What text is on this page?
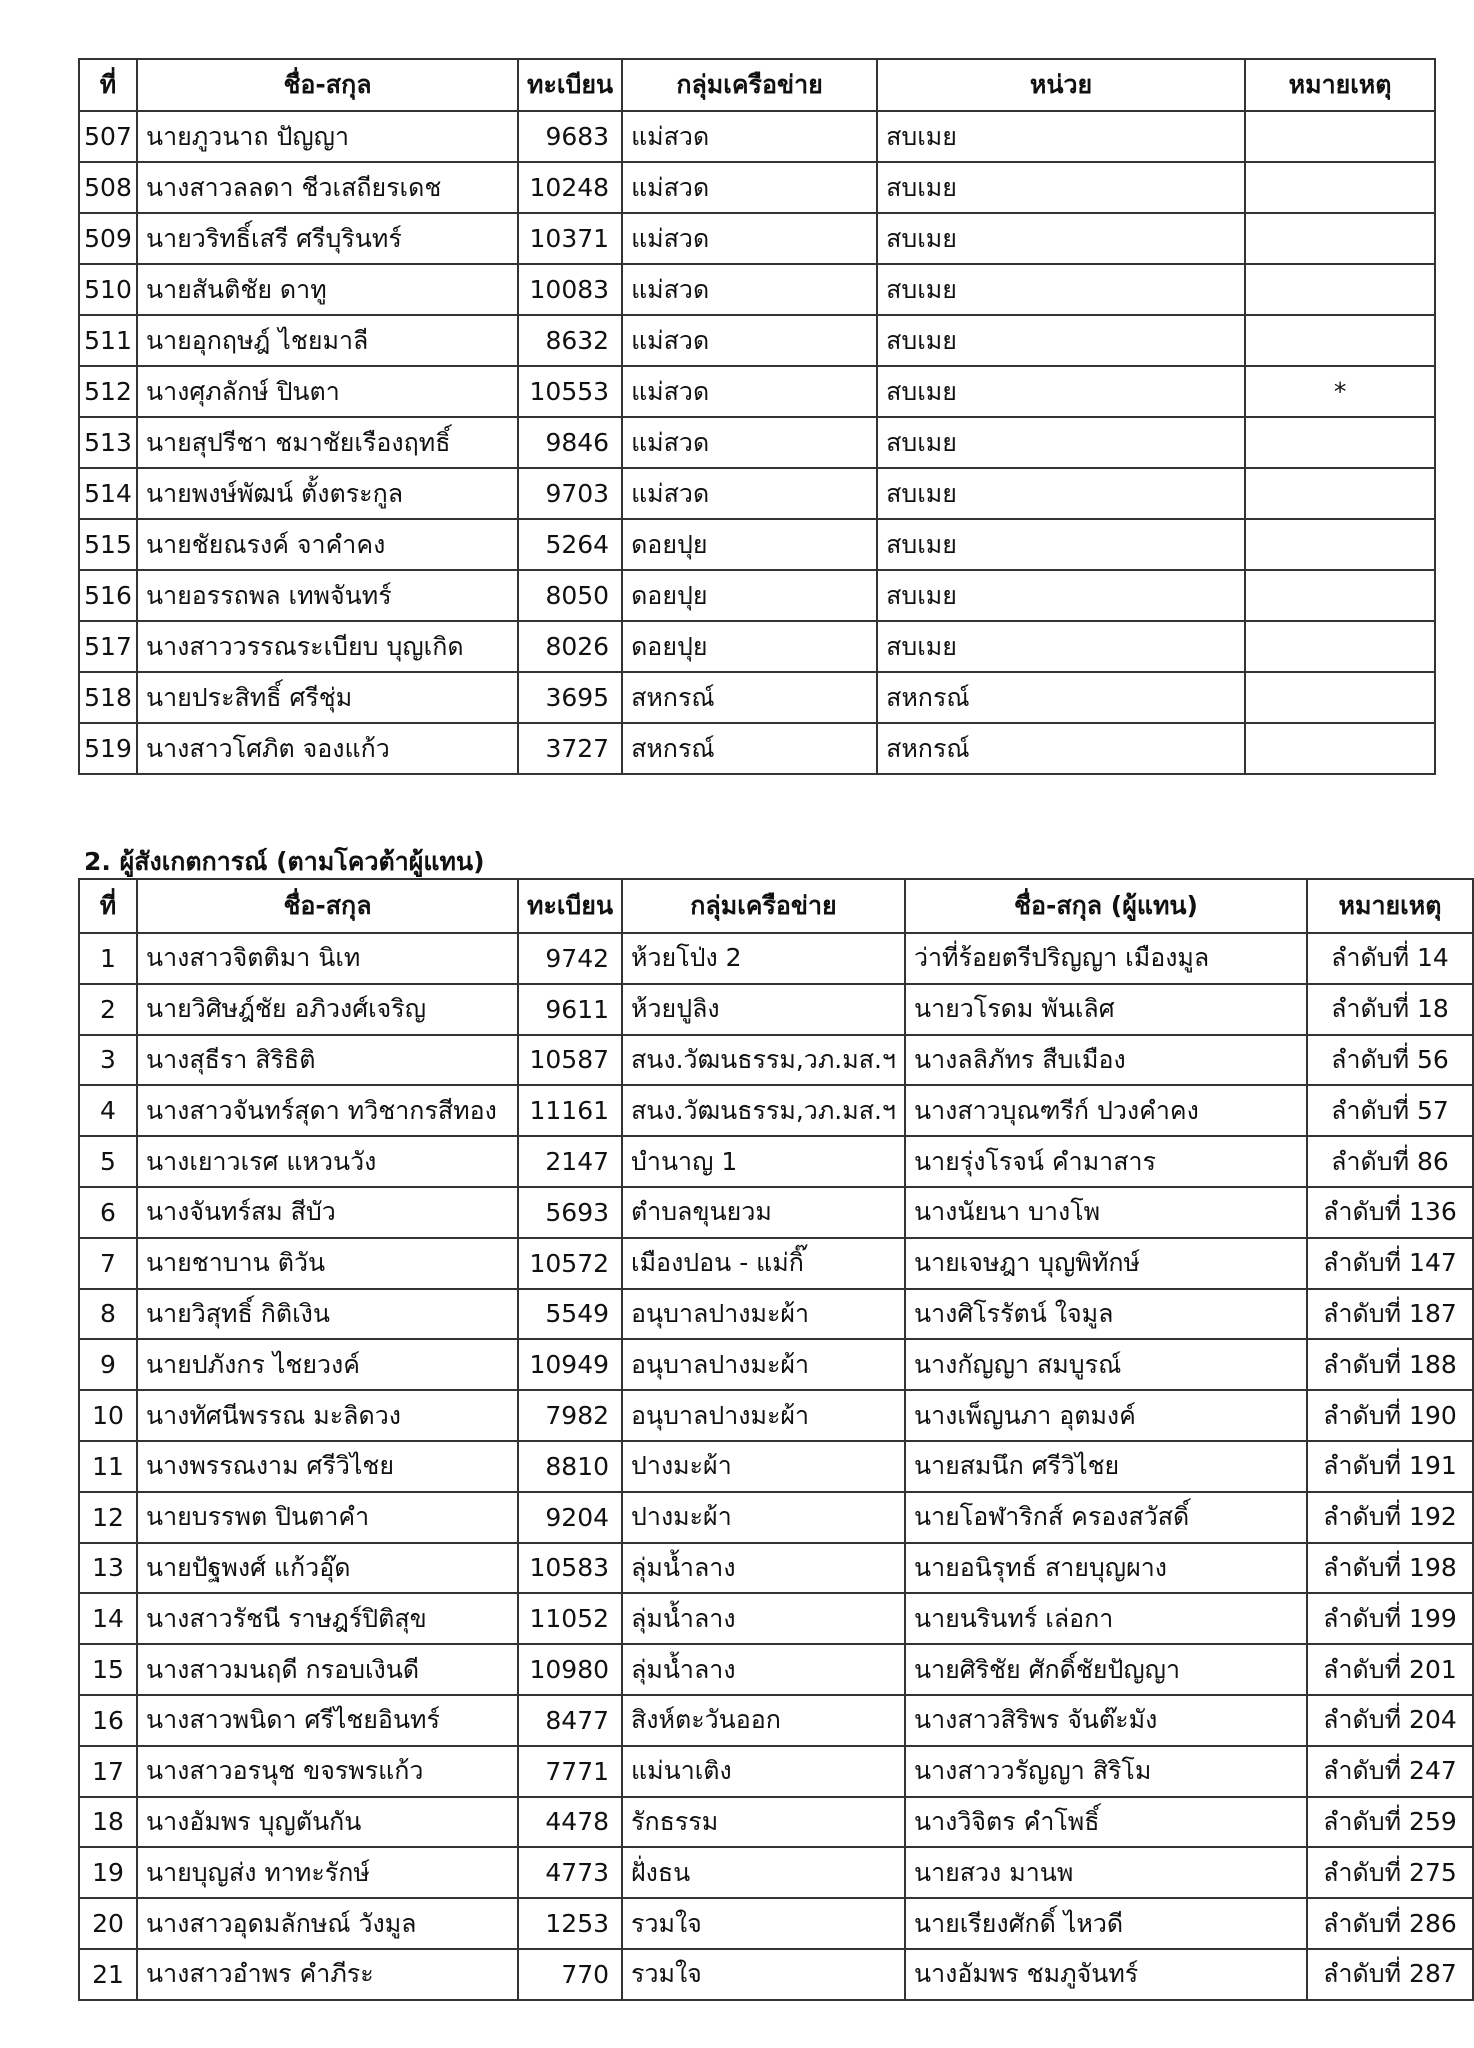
ที่	ชื่อ-สกุล	ทะเบียน	กลุ่มเครือข่าย	หน่วย	หมายเหตุ
507	นายภูวนาถ ปัญญา	9683	แม่สวด	สบเมย	
508	นางสาวลลดา ชีวเสถียรเดช	10248	แม่สวด	สบเมย	
509	นายวริทธิ์เสรี ศรีบุรินทร์	10371	แม่สวด	สบเมย	
510	นายสันติชัย ดาทู	10083	แม่สวด	สบเมย	
511	นายอุกฤษฎ์ ไชยมาลี	8632	แม่สวด	สบเมย	
512	นางศุภลักษ์ ปินตา	10553	แม่สวด	สบเมย	*
513	นายสุปรีชา ชมาชัยเรืองฤทธิ์	9846	แม่สวด	สบเมย	
514	นายพงษ์พัฒน์ ตั้งตระกูล	9703	แม่สวด	สบเมย	
515	นายชัยณรงค์ จาคำคง	5264	ดอยปุย	สบเมย	
516	นายอรรถพล เทพจันทร์	8050	ดอยปุย	สบเมย	
517	นางสาววรรณระเบียบ บุญเกิด	8026	ดอยปุย	สบเมย	
518	นายประสิทธิ์ ศรีชุ่ม	3695	สหกรณ์	สหกรณ์	
519	นางสาวโศภิต จองแก้ว	3727	สหกรณ์	สหกรณ์	
2. ผู้สังเกตการณ์ (ตามโควต้าผู้แทน)
ที่	ชื่อ-สกุล	ทะเบียน	กลุ่มเครือข่าย	ชื่อ-สกุล (ผู้แทน)	หมายเหตุ
1	นางสาวจิตติมา นิเท	9742	ห้วยโป่ง 2	ว่าที่ร้อยตรีปริญญา เมืองมูล	ลำดับที่ 14
2	นายวิศิษฎ์ชัย อภิวงศ์เจริญ	9611	ห้วยปูลิง	นายวโรดม พันเลิศ	ลำดับที่ 18
3	นางสุธีรา สิริธิติ	10587	สนง.วัฒนธรรม,วภ.มส.ฯ	นางลลิภัทร สืบเมือง	ลำดับที่ 56
4	นางสาวจันทร์สุดา ทวิชากรสีทอง	11161	สนง.วัฒนธรรม,วภ.มส.ฯ	นางสาวบุณฑรีก์ ปวงคำคง	ลำดับที่ 57
5	นางเยาวเรศ แหวนวัง	2147	บำนาญ 1	นายรุ่งโรจน์ คำมาสาร	ลำดับที่ 86
6	นางจันทร์สม สีบัว	5693	ตำบลขุนยวม	นางนัยนา บางโพ	ลำดับที่ 136
7	นายชาบาน ติวัน	10572	เมืองปอน - แม่กิ๊	นายเจษฎา บุญพิทักษ์	ลำดับที่ 147
8	นายวิสุทธิ์ กิติเงิน	5549	อนุบาลปางมะผ้า	นางศิโรรัตน์ ใจมูล	ลำดับที่ 187
9	นายปภังกร ไชยวงค์	10949	อนุบาลปางมะผ้า	นางกัญญา สมบูรณ์	ลำดับที่ 188
10	นางทัศนีพรรณ มะลิดวง	7982	อนุบาลปางมะผ้า	นางเพ็ญนภา อุตมงค์	ลำดับที่ 190
11	นางพรรณงาม ศรีวิไชย	8810	ปางมะผ้า	นายสมนึก ศรีวิไชย	ลำดับที่ 191
12	นายบรรพต ปินตาคำ	9204	ปางมะผ้า	นายโอฬาริกส์ ครองสวัสดิ์	ลำดับที่ 192
13	นายปัฐพงศ์ แก้วอุ๊ด	10583	ลุ่มน้ำลาง	นายอนิรุทธ์ สายบุญผาง	ลำดับที่ 198
14	นางสาวรัชนี ราษฎร์ปิติสุข	11052	ลุ่มน้ำลาง	นายนรินทร์ เล่อกา	ลำดับที่ 199
15	นางสาวมนฤดี กรอบเงินดี	10980	ลุ่มน้ำลาง	นายศิริชัย ศักดิ์ชัยปัญญา	ลำดับที่ 201
16	นางสาวพนิดา ศรีไชยอินทร์	8477	สิงห์ตะวันออก	นางสาวสิริพร จันต๊ะมัง	ลำดับที่ 204
17	นางสาวอรนุช ขจรพรแก้ว	7771	แม่นาเติง	นางสาววรัญญา สิริโม	ลำดับที่ 247
18	นางอัมพร บุญตันกัน	4478	รักธรรม	นางวิจิตร คำโพธิ์	ลำดับที่ 259
19	นายบุญส่ง ทาทะรักษ์	4773	ฝั่งธน	นายสวง มานพ	ลำดับที่ 275
20	นางสาวอุดมลักษณ์ วังมูล	1253	รวมใจ	นายเรียงศักดิ์ ไหวดี	ลำดับที่ 286
21	นางสาวอำพร คำภีระ	770	รวมใจ	นางอัมพร ชมภูจันทร์	ลำดับที่ 287
